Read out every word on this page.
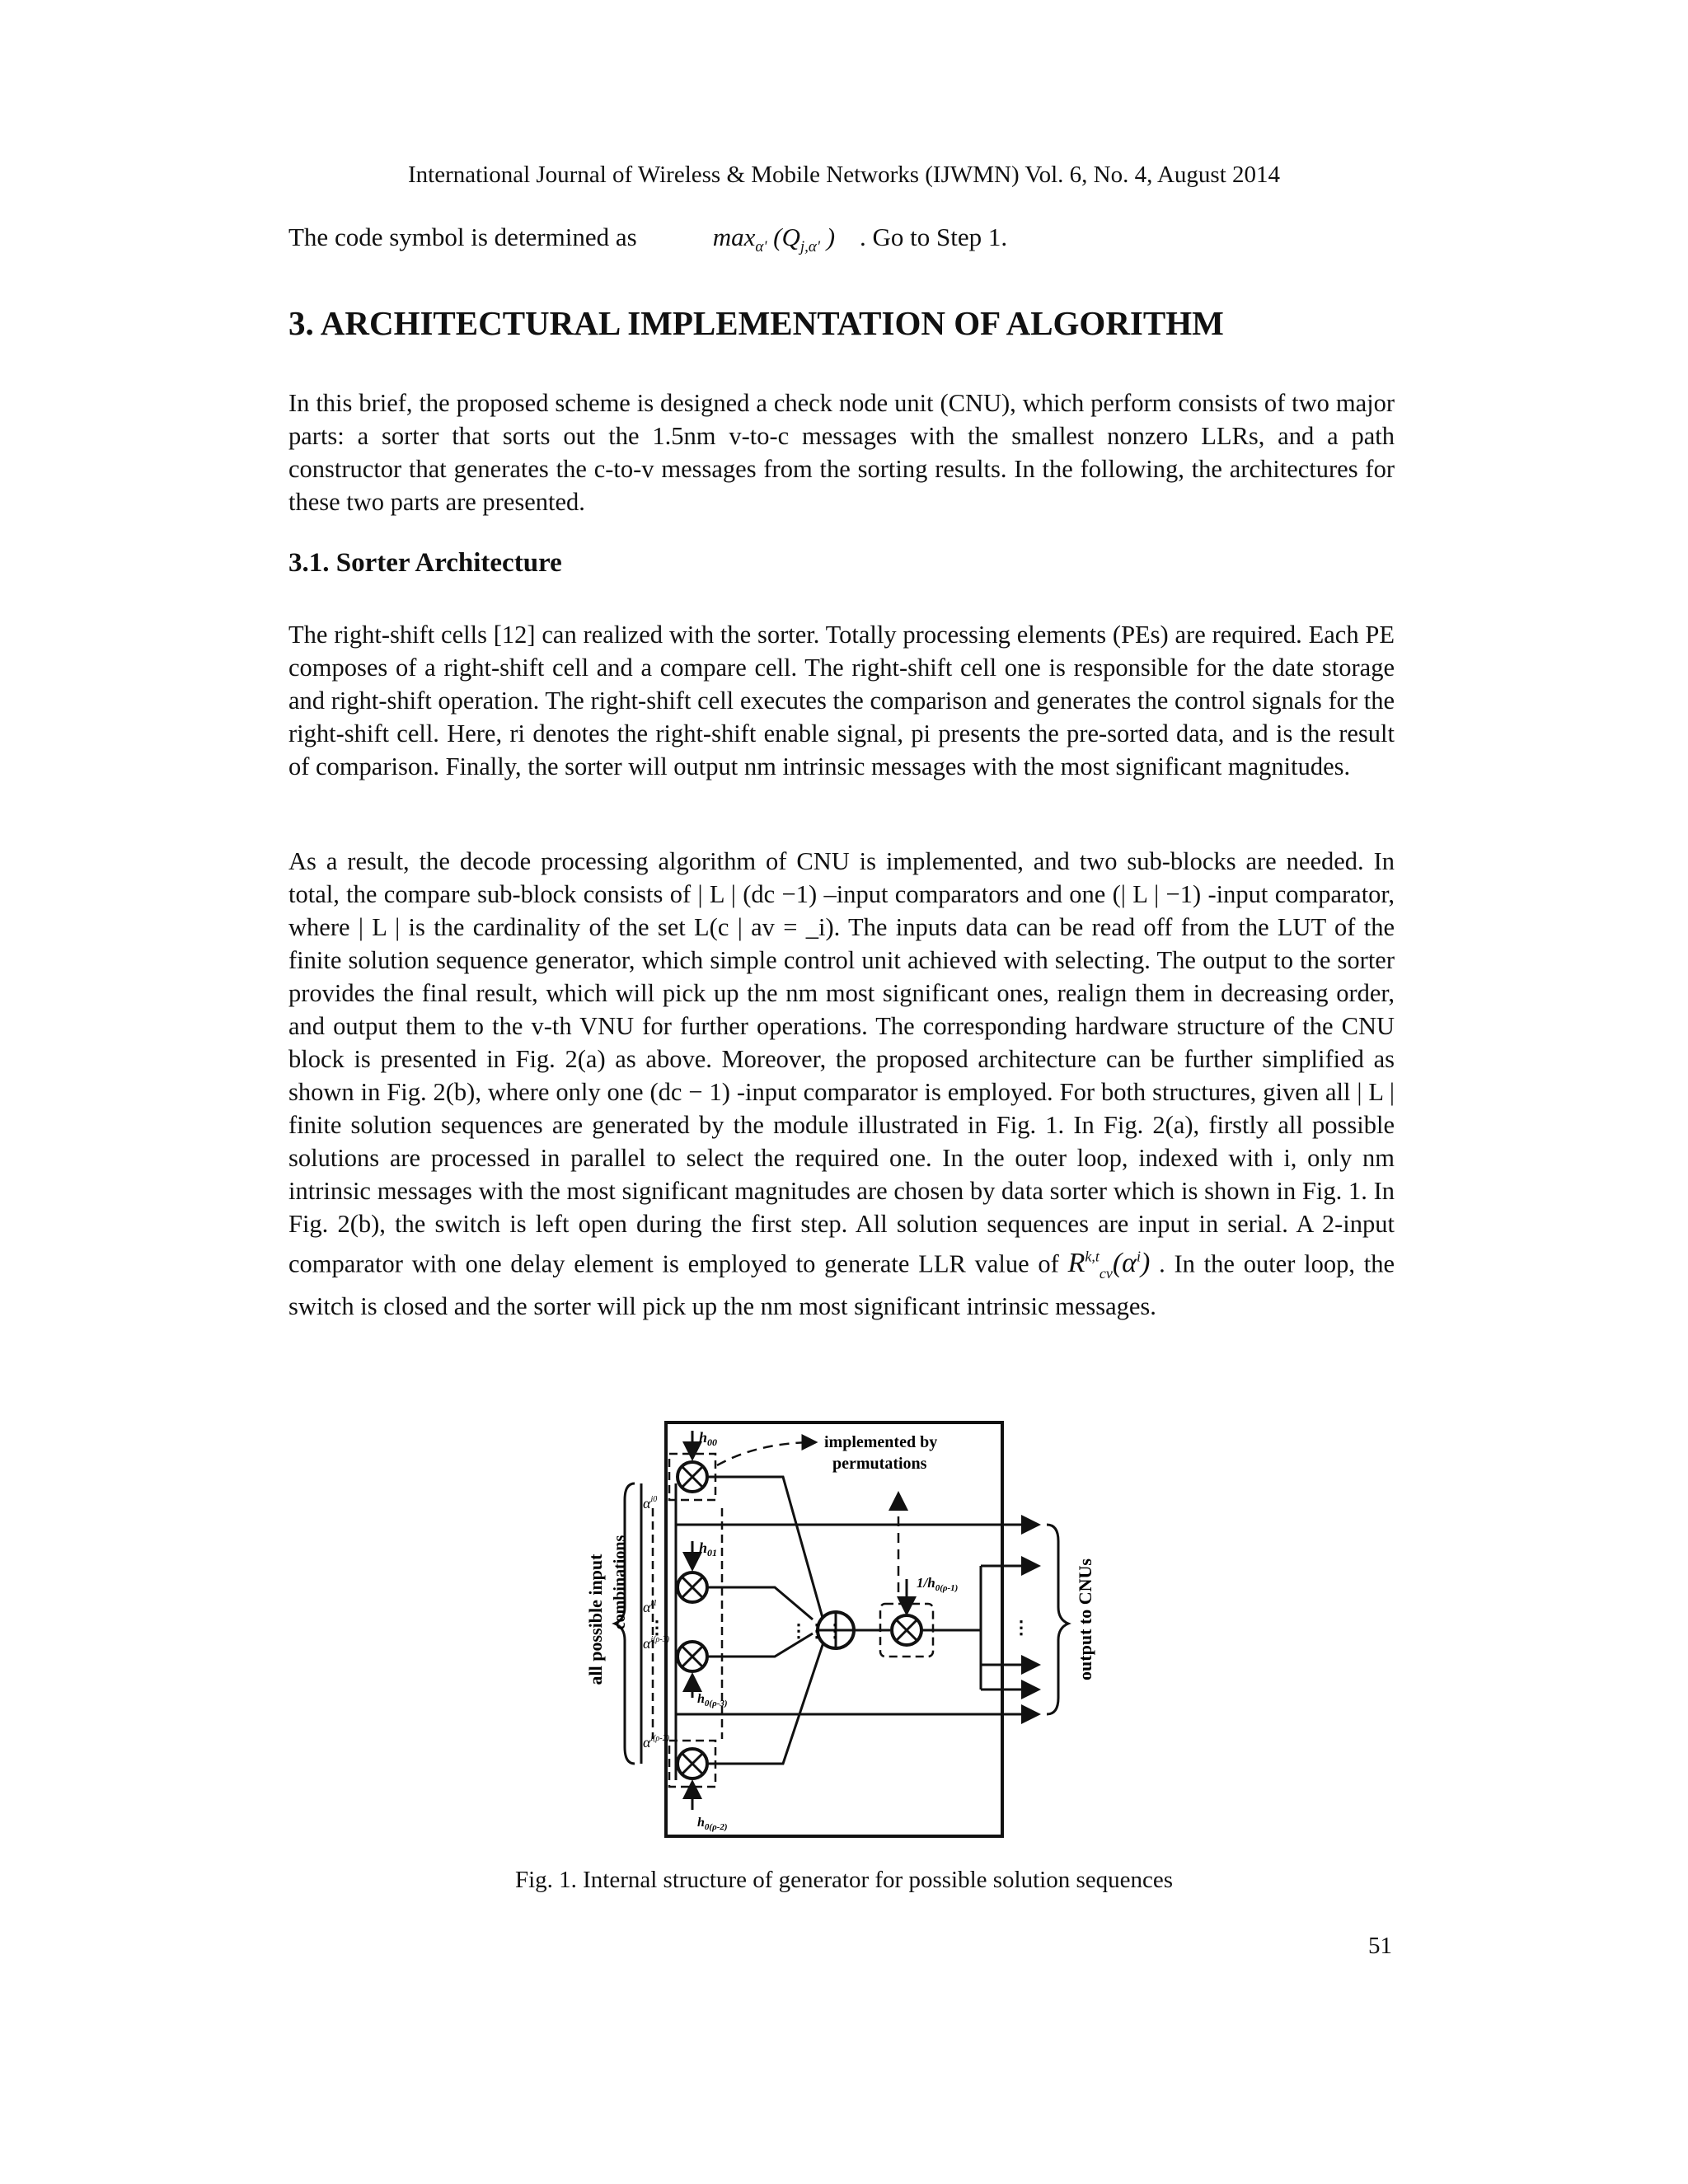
International Journal of Wireless & Mobile Networks (IJWMN) Vol. 6, No. 4, August 2014
The code symbol is determined as	$\max_{\alpha'} (Q_{j,\alpha'}$ ) . Go to Step 1.
3. ARCHITECTURAL IMPLEMENTATION OF ALGORITHM

In this brief, the proposed scheme is designed a check node unit (CNU), which perform consists of two major parts: a sorter that sorts out the 1.5nm v-to-c messages with the smallest nonzero LLRs, and a path constructor that generates the c-to-v messages from the sorting results. In the following, the architectures for these two parts are presented.

3.1. Sorter Architecture

The right-shift cells [12] can realized with the sorter. Totally processing elements (PEs) are required. Each PE composes of a right-shift cell and a compare cell. The right-shift cell one is responsible for the date storage and right-shift operation. The right-shift cell executes the comparison and generates the control signals for the right-shift cell. Here, ri denotes the right-shift enable signal, pi presents the pre-sorted data, and is the result of comparison. Finally, the sorter will output nm intrinsic messages with the most significant magnitudes.

As a result, the decode processing algorithm of CNU is implemented, and two sub-blocks are needed. In total, the compare sub-block consists of | L | (dc −1) –input comparators and one (| L | −1) -input comparator, where | L | is the cardinality of the set L(c | av = _i). The inputs data can be read off from the LUT of the finite solution sequence generator, which simple control unit achieved with selecting. The output to the sorter provides the final result, which will pick up the nm most significant ones, realign them in decreasing order, and output them to the v-th VNU for further operations. The corresponding hardware structure of the CNU block is presented in Fig. 2(a) as above. Moreover, the proposed architecture can be further simplified as shown in Fig. 2(b), where only one (dc − 1) -input comparator is employed. For both structures, given all | L | finite solution sequences are generated by the module illustrated in Fig. 1. In Fig. 2(a), firstly all possible solutions are processed in parallel to select the required one. In the outer loop, indexed with i, only nm intrinsic messages with the most significant magnitudes are chosen by data sorter which is shown in Fig. 1. In Fig. 2(b), the switch is left open during the first step. All solution sequences are input in serial. A 2-input comparator with one delay element is employed to generate LLR value of $R^{k,t}_{cv}(\alpha^i)$ . In the outer loop, the switch is closed and the sorter will pick up the nm most significant intrinsic messages.

implemented by
permutations
$h_{00}$
$h_{01}$
$h_{0(\rho-3)}$
$h_{0(\rho-2)}$
$1/h_{0(\rho-1)}$
$\alpha^{i0}$
$\alpha^{i1}$
$\alpha^{i(\rho-3)}$
$\alpha^{i(\rho-2)}$
⋮	⋮⋮⋮	⋮
all possible input combinations	output to CNUs
Fig. 1. Internal structure of generator for possible solution sequences
51
